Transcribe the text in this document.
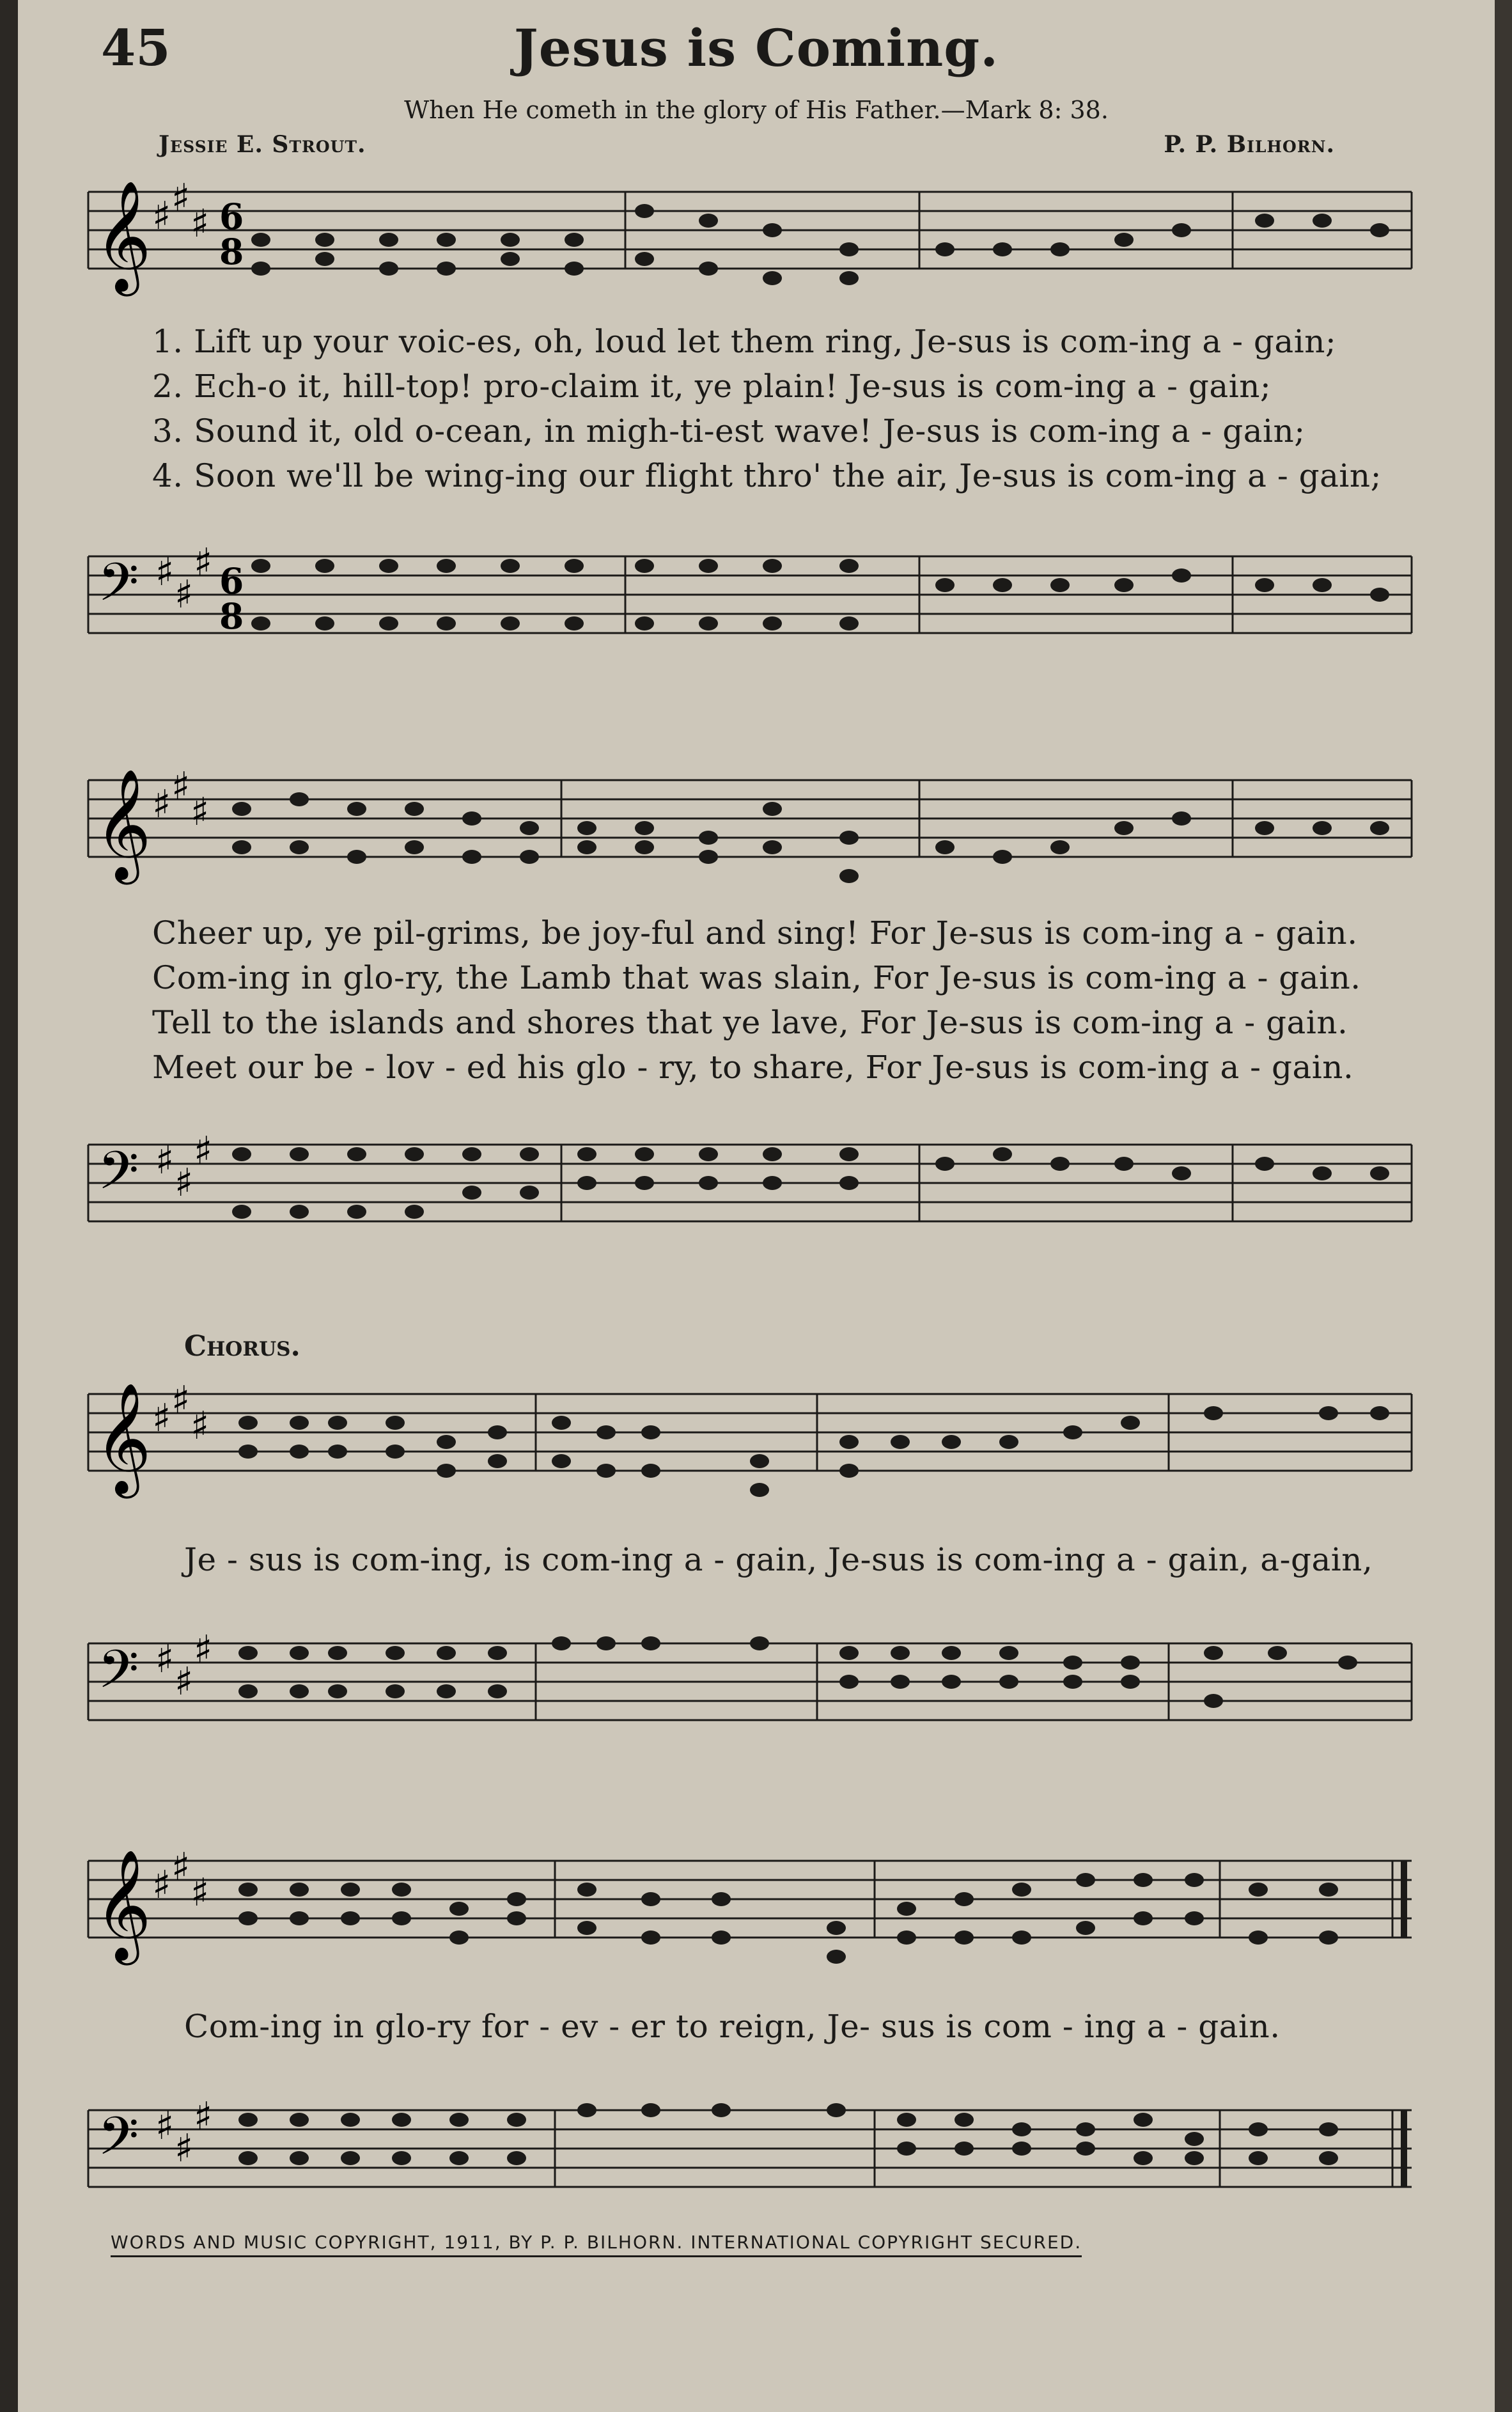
45	Jesus is Coming.
When He cometh in the glory of His Father.—Mark 8: 38.
Jessie E. Strout.	P. P. Bilhorn.
𝄞 ♯ ♯
♯ 6
8
1. Lift up your voic-es, oh, loud let them ring, Je-sus is com-ing a - gain;
2. Ech-o it, hill-top! pro-claim it, ye plain! Je-sus is com-ing a - gain;
3. Sound it, old o-cean, in migh-ti-est wave! Je-sus is com-ing a - gain;
4. Soon we'll be wing-ing our flight thro' the air, Je-sus is com-ing a - gain;
𝄢 ♯ ♯
♯ 6
8
𝄞 ♯ ♯
♯
Cheer up, ye pil-grims, be joy-ful and sing! For Je-sus is com-ing a - gain.
Com-ing in glo-ry, the Lamb that was slain, For Je-sus is com-ing a - gain.
Tell to the islands and shores that ye lave, For Je-sus is com-ing a - gain.
Meet our be - lov - ed his glo - ry, to share, For Je-sus is com-ing a - gain.
𝄢 ♯ ♯
♯
Chorus.
𝄞 ♯ ♯
♯
Je - sus is com-ing, is com-ing a - gain, Je-sus is com-ing a - gain, a-gain,
𝄢 ♯ ♯
♯
𝄞 ♯ ♯
♯
Com-ing in glo-ry for - ev - er to reign, Je- sus is com - ing a - gain.
𝄢 ♯ ♯
♯
WORDS AND MUSIC COPYRIGHT, 1911, BY P. P. BILHORN. INTERNATIONAL COPYRIGHT SECURED.
